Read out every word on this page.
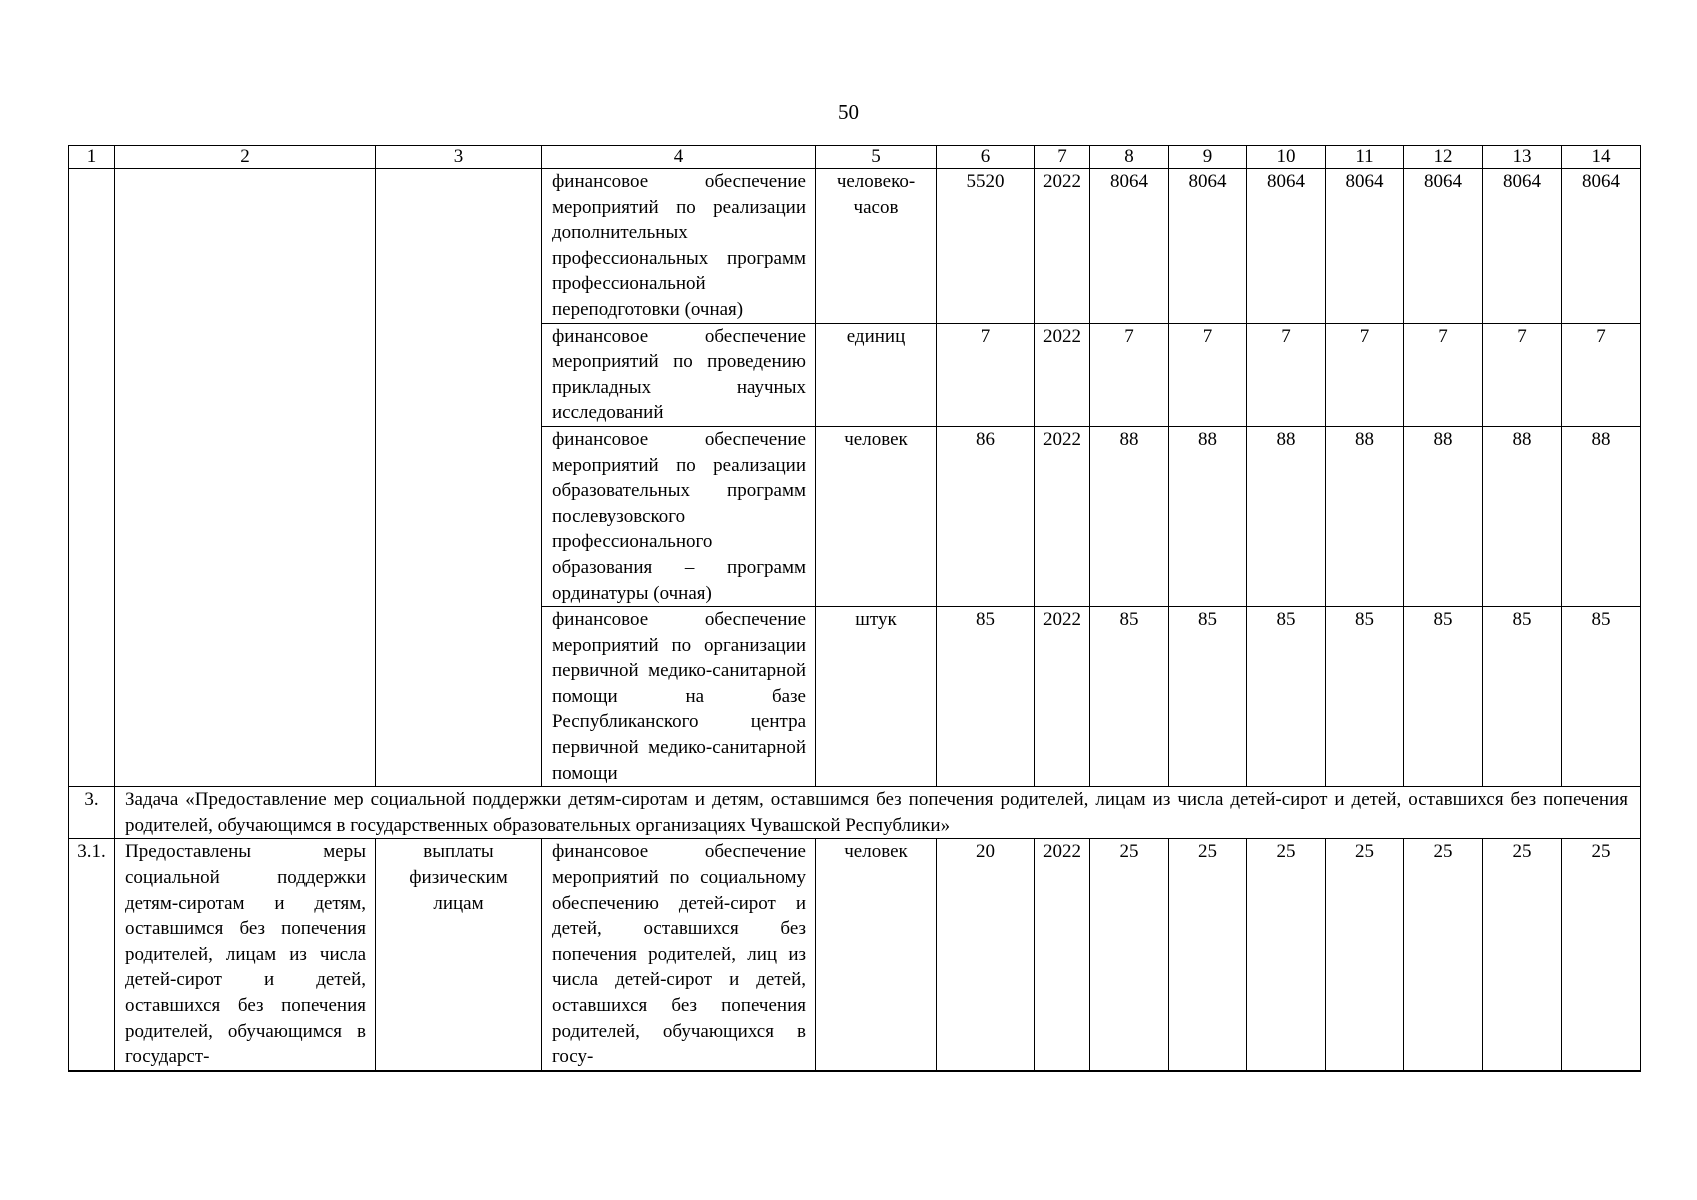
50
1	2	3	4	5	6	7	8	9	10	11	12	13	14
			финансовое обеспечение мероприятий по реализации дополнительных профессиональных программ профессиональной переподготовки (очная)	человеко-часов	5520	2022	8064	8064	8064	8064	8064	8064	8064
			финансовое обеспечение мероприятий по проведению прикладных научных исследований	единиц	7	2022	7	7	7	7	7	7	7
			финансовое обеспечение мероприятий по реализации образовательных программ послевузовского профессионального образования – программ ординатуры (очная)	человек	86	2022	88	88	88	88	88	88	88
			финансовое обеспечение мероприятий по организации первичной медико-санитарной помощи на базе Республиканского центра первичной медико-санитарной помощи	штук	85	2022	85	85	85	85	85	85	85
3.	Задача «Предоставление мер социальной поддержки детям-сиротам и детям, оставшимся без попечения родителей, лицам из числа детей-сирот и детей, оставшихся без попечения родителей, обучающимся в государственных образовательных организациях Чувашской Республики»												
3.1.	Предоставлены меры социальной поддержки детям-сиротам и детям, оставшимся без попечения родителей, лицам из числа детей-сирот и детей, оставшихся без попечения родителей, обучающимся в государст-	выплаты физическим лицам	финансовое обеспечение мероприятий по социальному обеспечению детей-сирот и детей, оставшихся без попечения родителей, лиц из числа детей-сирот и детей, оставшихся без попечения родителей, обучающихся в госу-	человек	20	2022	25	25	25	25	25	25	25
